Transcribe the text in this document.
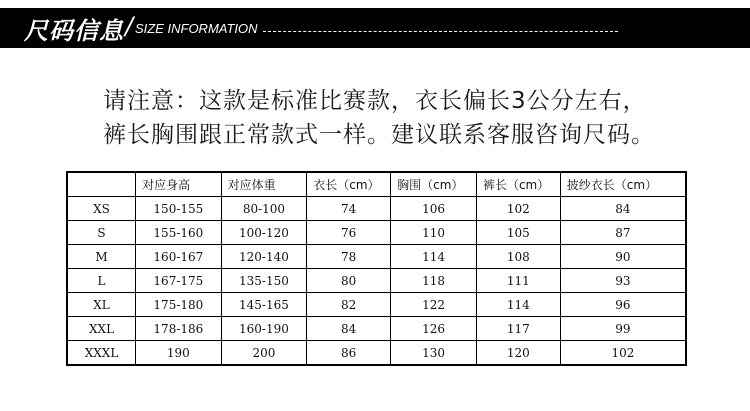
尺码信息 / SIZE INFORMATION
请注意：这款是标准比赛款，衣长偏长3公分左右，
裤长胸围跟正常款式一样。建议联系客服咨询尺码。
	对应身高	对应体重	衣长（cm）	胸围（cm）	裤长（cm）	披纱衣长（cm）
XS	150-155	80-100	74	106	102	84
S	155-160	100-120	76	110	105	87
M	160-167	120-140	78	114	108	90
L	167-175	135-150	80	118	111	93
XL	175-180	145-165	82	122	114	96
XXL	178-186	160-190	84	126	117	99
XXXL	190	200	86	130	120	102
